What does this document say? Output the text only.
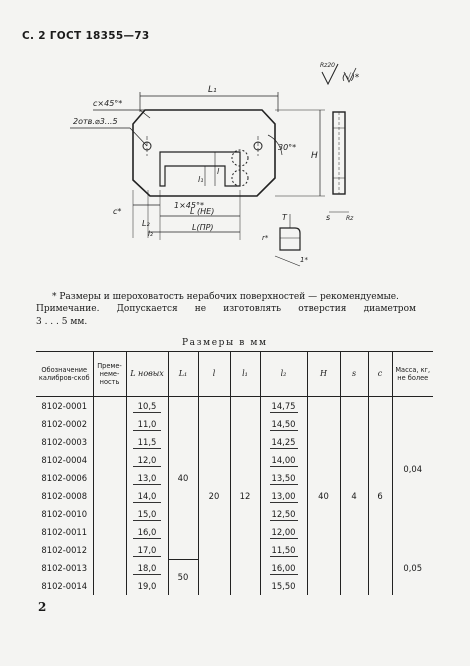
С. 2 ГОСТ 18355—73
Rz20
(√)*
L₁
c×45°*
2отв.⌀3...5
30°*
H
l
l₁
1×45°*
c*	L (НЕ)
L(ПР)
L₂
l₂
s	Rz
T
r*
1*
* Размеры и шероховатость нерабочих поверхностей — рекомендуемые.
Примечание. Допускается не изготовлять отверстия диаметром
3 . . . 5 мм.
Размеры в мм
Обозначение калибров-скоб	Пременеменость	L новых	L₁	l	l₁	l₂	H	s	c	Масса, кг, не более
8102-0001		10,5	40	20	12	14,75	40	4	6	0,04
8102-0002		11,0				14,50				
8102-0003		11,5				14,25				
8102-0004		12,0				14,00				
8102-0006		13,0				13,50				
8102-0008		14,0				13,00				
8102-0010		15,0				12,50				
8102-0011		16,0				12,00				
8102-0012		17,0				11,50				0,05
8102-0013		18,0	50			16,00				
8102-0014		19,0				15,50				
2
